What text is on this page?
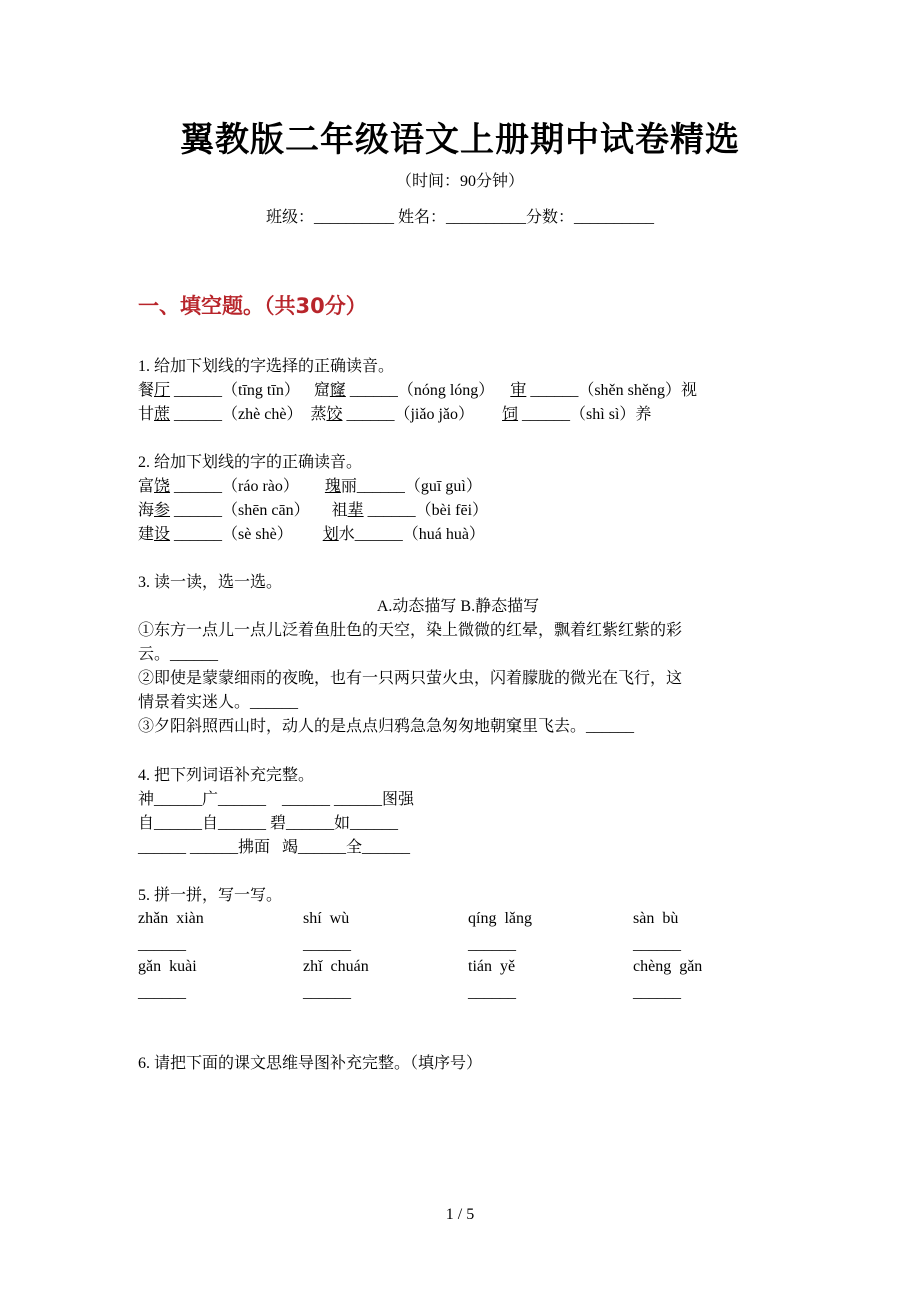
翼教版二年级语文上册期中试卷精选
（时间：90分钟）
班级：__________ 姓名：__________分数：__________
一、填空题。（共30分）
1. 给加下划线的字选择的正确读音。
餐厅 ______（tīng tīn） 窟窿 ______（nóng lóng） 审 ______（shěn shěng）视
甘蔗 ______（zhè chè） 蒸饺 ______（jiǎo jǎo） 饲 ______（shì sì）养
2. 给加下划线的字的正确读音。
富饶 ______（ráo rào） 瑰丽______（guī guì）
海参 ______（shēn cān） 祖辈 ______（bèi fēi）
建设 ______（sè shè） 划水______（huá huà）
3. 读一读，选一选。
A.动态描写 B.静态描写
①东方一点儿一点儿泛着鱼肚色的天空，染上微微的红晕，飘着红紫红紫的彩
云。______
②即使是蒙蒙细雨的夜晚，也有一只两只萤火虫，闪着朦胧的微光在飞行，这
情景着实迷人。______
③夕阳斜照西山时，动人的是点点归鸦急急匆匆地朝窠里飞去。______
4. 把下列词语补充完整。
神______广______    ______ ______图强
自______自______ 碧______如______
______ ______拂面   竭______全______
5. 拼一拼，写一写。
zhǎn  xiàn	shí  wù	qíng  lǎng	sàn  bù
______	______	______	______
gǎn  kuài	zhǐ  chuán	tián  yě	chèng  gǎn
______	______	______	______
6. 请把下面的课文思维导图补充完整。（填序号）
1 / 5
